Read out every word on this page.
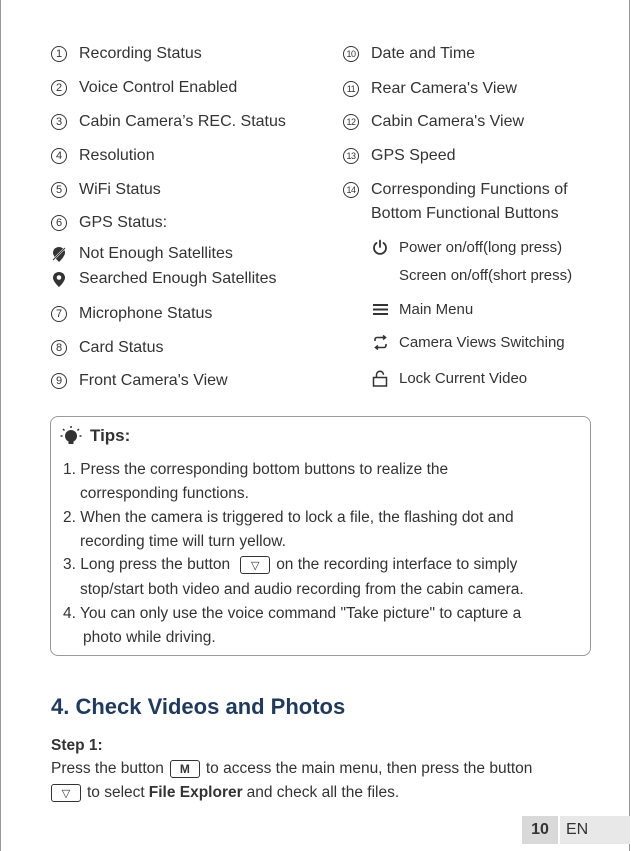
1	Recording Status
2	Voice Control Enabled
3	Cabin Camera’s REC. Status
4	Resolution
5	WiFi Status
6	GPS Status:
Not Enough Satellites
Searched Enough Satellites
7	Microphone Status
8	Card Status
9	Front Camera's View
10 Date and Time
11 Rear Camera's View
12 Cabin Camera's View
13 GPS Speed
14 Corresponding Functions of
Bottom Functional Buttons
Power on/off(long press)
Screen on/off(short press)
Main Menu
Camera Views Switching
Lock Current Video
Tips:
1. Press the corresponding bottom buttons to realize the
corresponding functions.
2. When the camera is triggered to lock a file, the flashing dot and
recording time will turn yellow.
3. Long press the button	▽	on the recording interface to simply
stop/start both video and audio recording from the cabin camera.
4. You can only use the voice command "Take picture" to capture a
photo while driving.
4. Check Videos and Photos
Step 1:
Press the button	M	to access the main menu, then press the button
▽	to select File Explorer and check all the files.
10	EN
